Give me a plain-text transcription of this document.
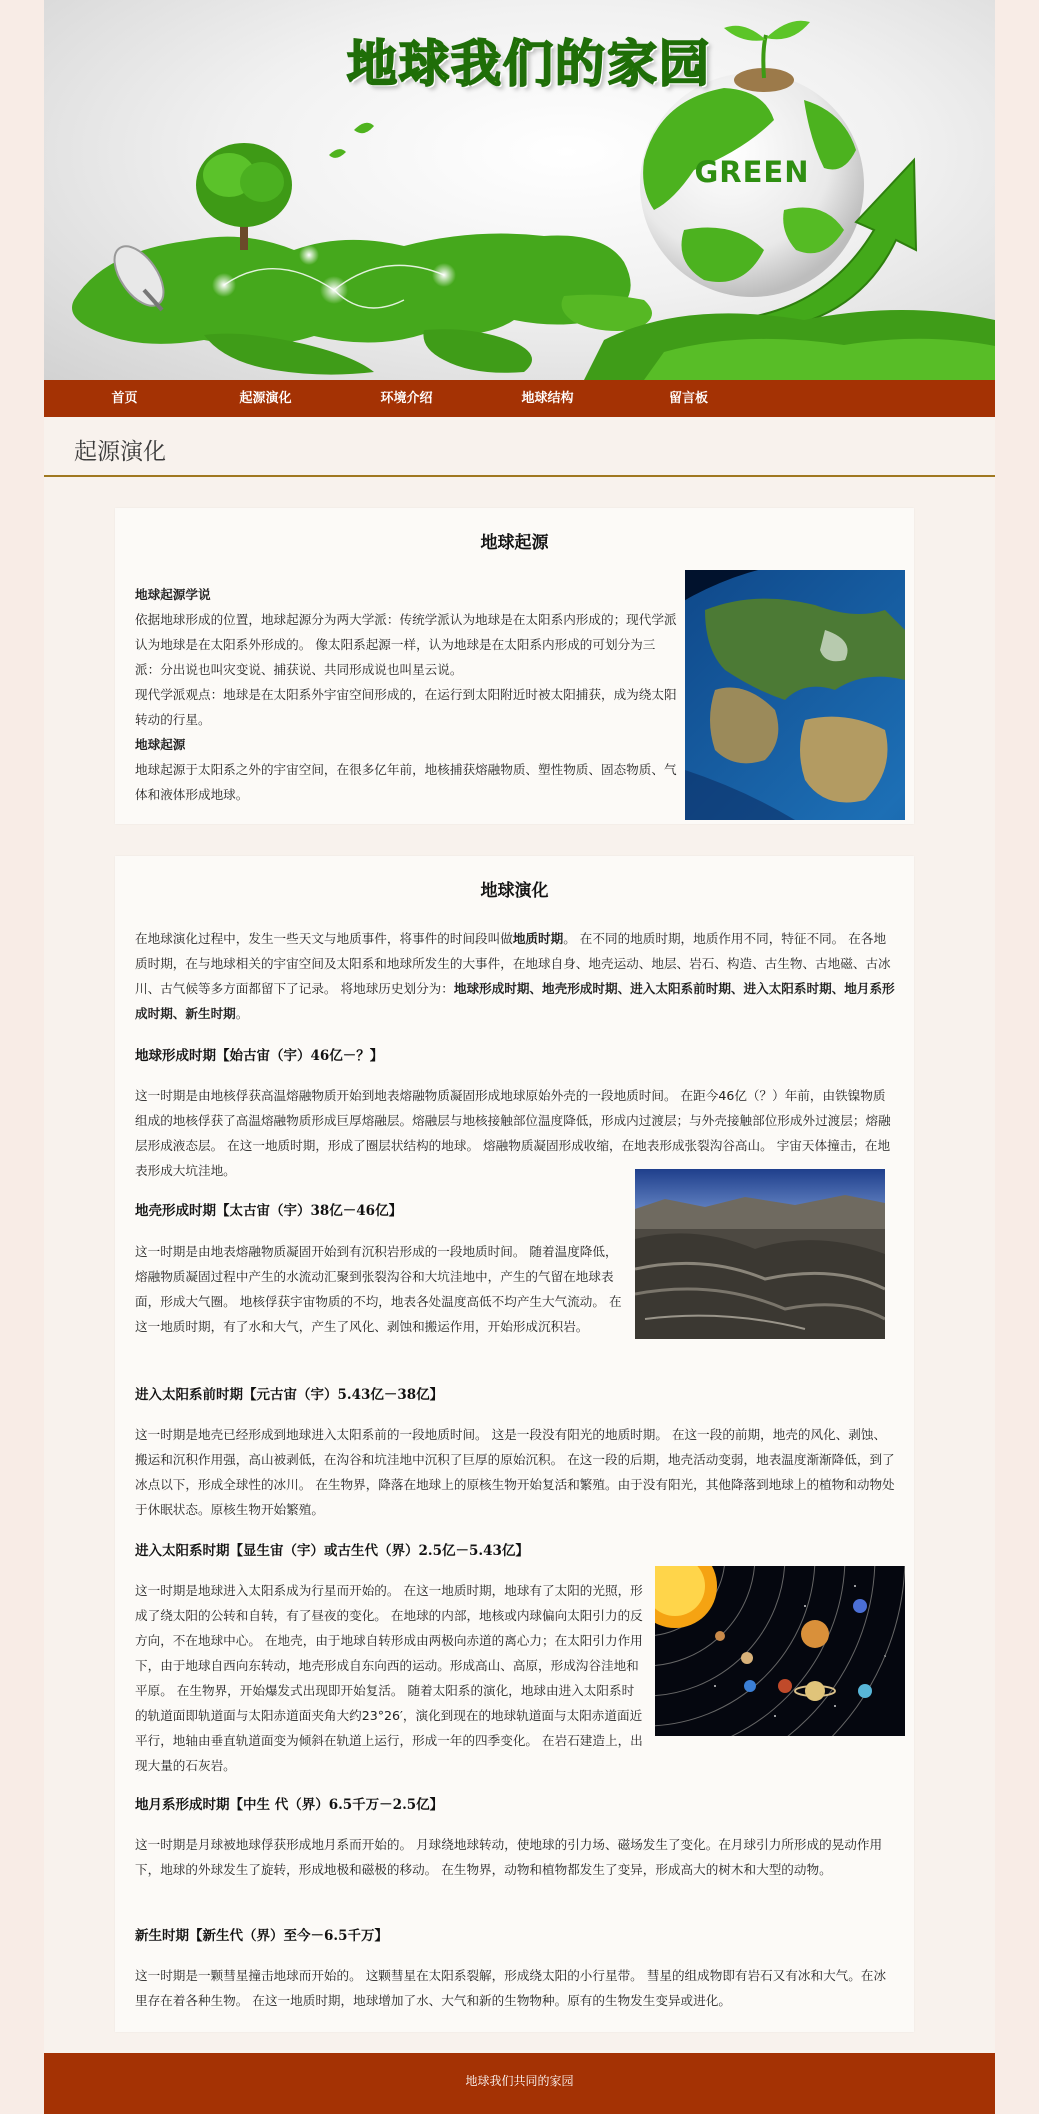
地球我们的家园
GREEN
首页	起源演化	环境介绍	地球结构	留言板
起源演化
地球起源

地球起源学说

依据地球形成的位置，地球起源分为两大学派：传统学派认为地球是在太阳系内形成的；现代学派认为地球是在太阳系外形成的。 像太阳系起源一样，认为地球是在太阳系内形成的可划分为三派：分出说也叫灾变说、捕获说、共同形成说也叫星云说。

现代学派观点：地球是在太阳系外宇宙空间形成的，在运行到太阳附近时被太阳捕获，成为绕太阳转动的行星。

地球起源

地球起源于太阳系之外的宇宙空间，在很多亿年前，地核捕获熔融物质、塑性物质、固态物质、气体和液体形成地球。

地球演化

在地球演化过程中，发生一些天文与地质事件，将事件的时间段叫做地质时期。 在不同的地质时期，地质作用不同，特征不同。 在各地质时期，在与地球相关的宇宙空间及太阳系和地球所发生的大事件，在地球自身、地壳运动、地层、岩石、构造、古生物、古地磁、古冰川、古气候等多方面都留下了记录。 将地球历史划分为：地球形成时期、地壳形成时期、进入太阳系前时期、进入太阳系时期、地月系形成时期、新生时期。

地球形成时期【始古宙（宇）46亿－？】

这一时期是由地核俘获高温熔融物质开始到地表熔融物质凝固形成地球原始外壳的一段地质时间。 在距今46亿（？）年前，由铁镍物质组成的地核俘获了高温熔融物质形成巨厚熔融层。熔融层与地核接触部位温度降低，形成内过渡层；与外壳接触部位形成外过渡层；熔融层形成液态层。 在这一地质时期，形成了圈层状结构的地球。 熔融物质凝固形成收缩，在地表形成张裂沟谷高山。 宇宙天体撞击，在地表形成大坑洼地。

地壳形成时期【太古宙（宇）38亿－46亿】

这一时期是由地表熔融物质凝固开始到有沉积岩形成的一段地质时间。 随着温度降低，熔融物质凝固过程中产生的水流动汇聚到张裂沟谷和大坑洼地中，产生的气留在地球表面，形成大气圈。 地核俘获宇宙物质的不均，地表各处温度高低不均产生大气流动。 在这一地质时期，有了水和大气，产生了风化、剥蚀和搬运作用，开始形成沉积岩。

进入太阳系前时期【元古宙（宇）5.43亿－38亿】

这一时期是地壳已经形成到地球进入太阳系前的一段地质时间。 这是一段没有阳光的地质时期。 在这一段的前期，地壳的风化、剥蚀、搬运和沉积作用强，高山被剥低，在沟谷和坑洼地中沉积了巨厚的原始沉积。 在这一段的后期，地壳活动变弱，地表温度渐渐降低，到了冰点以下，形成全球性的冰川。 在生物界，降落在地球上的原核生物开始复活和繁殖。由于没有阳光，其他降落到地球上的植物和动物处于休眠状态。原核生物开始繁殖。

进入太阳系时期【显生宙（宇）或古生代（界）2.5亿－5.43亿】

这一时期是地球进入太阳系成为行星而开始的。 在这一地质时期，地球有了太阳的光照，形成了绕太阳的公转和自转，有了昼夜的变化。 在地球的内部，地核或内球偏向太阳引力的反方向，不在地球中心。 在地壳，由于地球自转形成由两极向赤道的离心力；在太阳引力作用下，由于地球自西向东转动，地壳形成自东向西的运动。形成高山、高原，形成沟谷洼地和平原。 在生物界，开始爆发式出现即开始复活。 随着太阳系的演化，地球由进入太阳系时的轨道面即轨道面与太阳赤道面夹角大约23°26′，演化到现在的地球轨道面与太阳赤道面近平行，地轴由垂直轨道面变为倾斜在轨道上运行，形成一年的四季变化。 在岩石建造上，出现大量的石灰岩。

地月系形成时期【中生 代（界）6.5千万－2.5亿】

这一时期是月球被地球俘获形成地月系而开始的。 月球绕地球转动，使地球的引力场、磁场发生了变化。在月球引力所形成的晃动作用下，地球的外球发生了旋转，形成地极和磁极的移动。 在生物界，动物和植物都发生了变异，形成高大的树木和大型的动物。

新生时期【新生代（界）至今－6.5千万】

这一时期是一颗彗星撞击地球而开始的。 这颗彗星在太阳系裂解，形成绕太阳的小行星带。 彗星的组成物即有岩石又有冰和大气。在冰里存在着各种生物。 在这一地质时期，地球增加了水、大气和新的生物物种。原有的生物发生变异或进化。

地球我们共同的家园
